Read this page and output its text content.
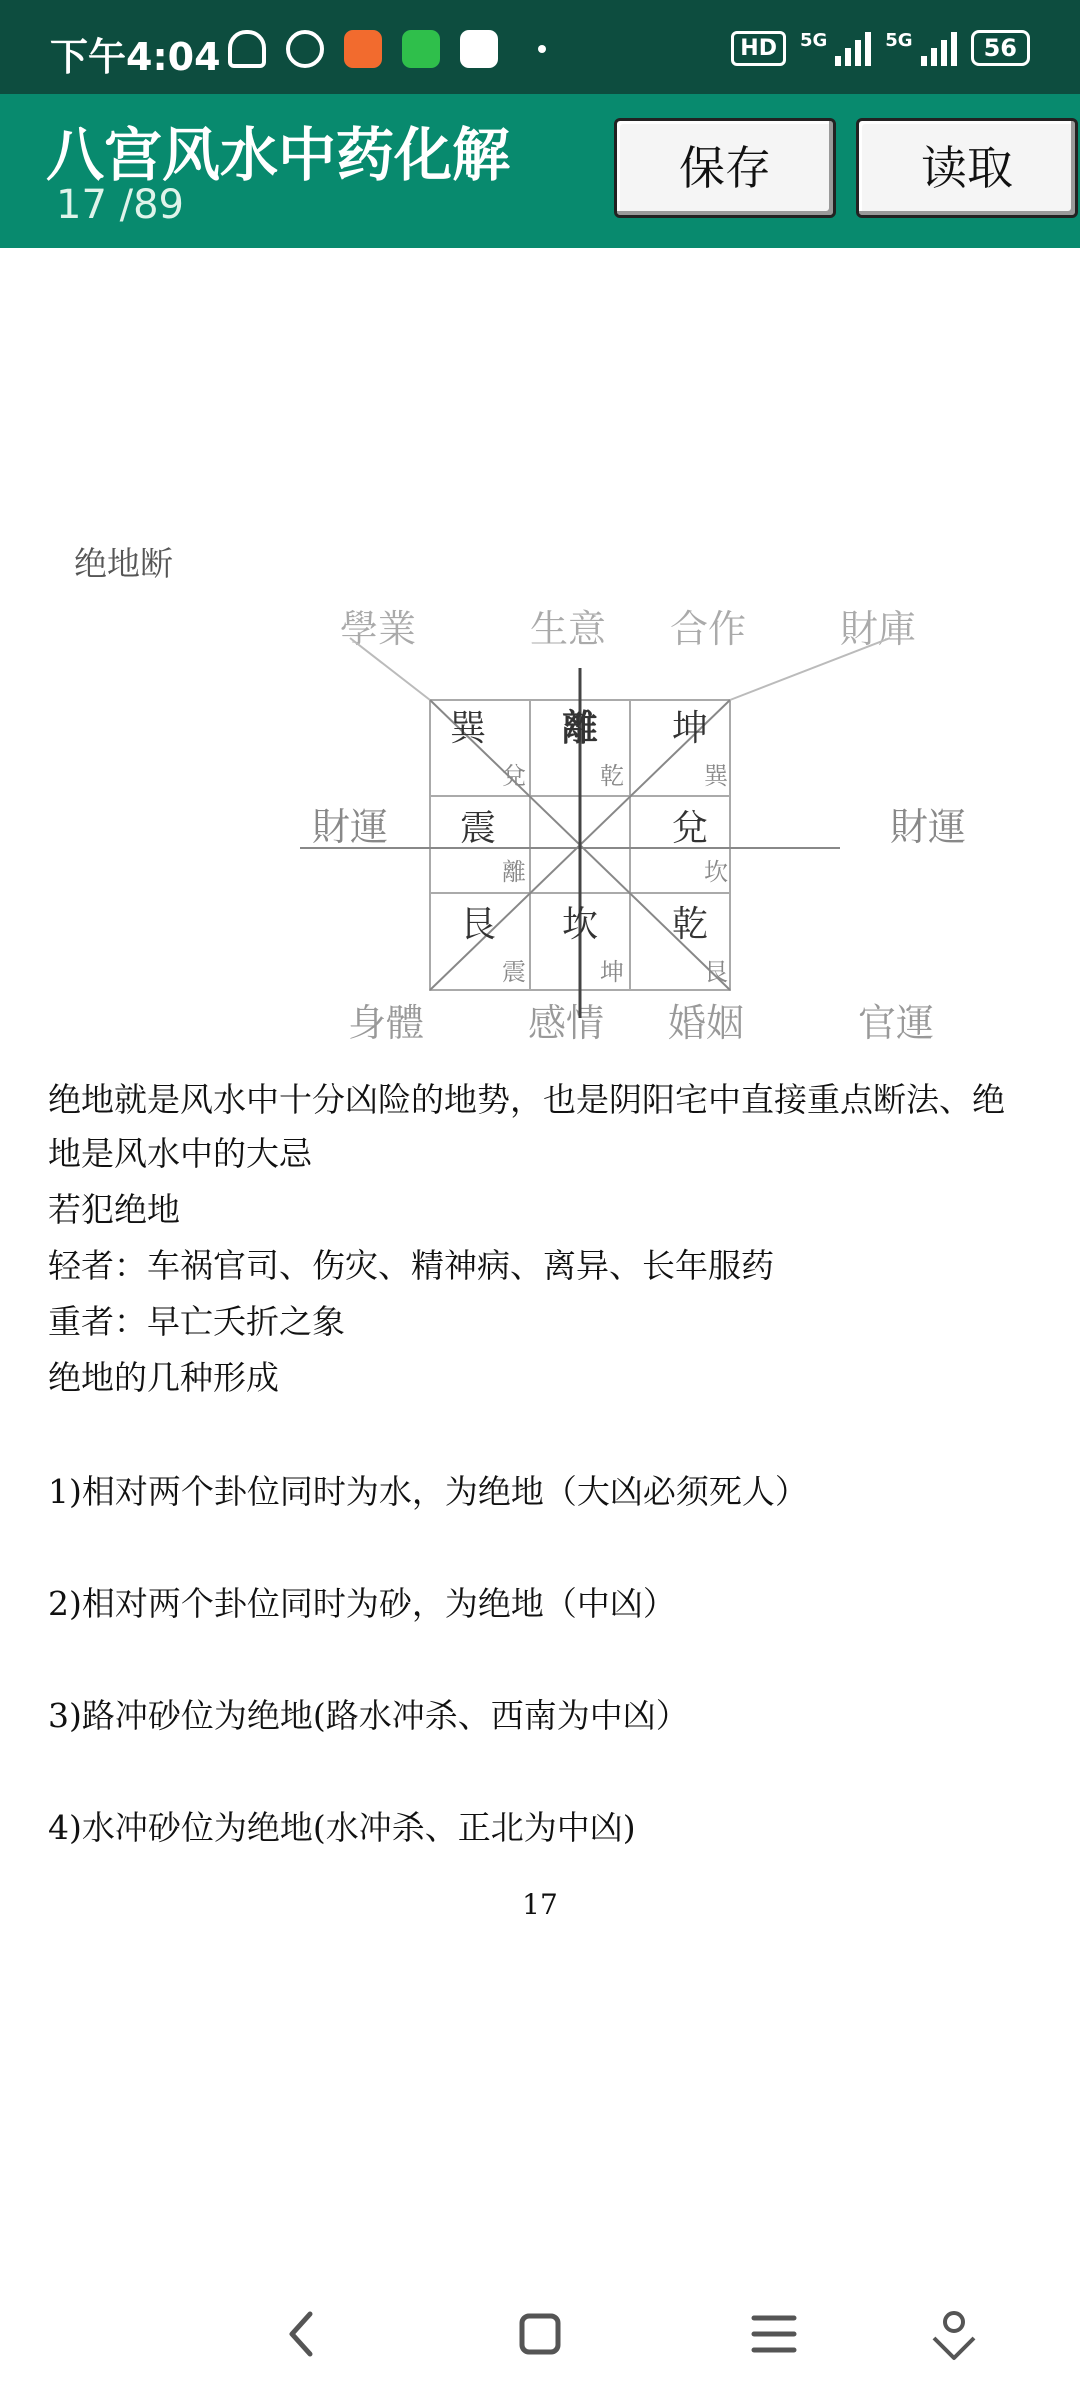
下午4:04	HD	5G	5G	56
八宫风水中药化解
17 /89
保存	读取
绝地断
學業	生意 合作 財庫
財運	財運
身體	感情 婚姻	官運
巽
兌
離
乾
坤
巽
震
離
兌
坎
艮
震
坎
坤
乾
艮
绝地就是风水中十分凶险的地势，也是阴阳宅中直接重点断法、绝
地是风水中的大忌
若犯绝地
轻者：车祸官司、伤灾、精神病、离异、长年服药
重者：早亡夭折之象
绝地的几种形成
1)相对两个卦位同时为水，为绝地（大凶必须死人）
2)相对两个卦位同时为砂，为绝地（中凶）
3)路冲砂位为绝地(路水冲杀、西南为中凶）
4)水冲砂位为绝地(水冲杀、正北为中凶)
17
